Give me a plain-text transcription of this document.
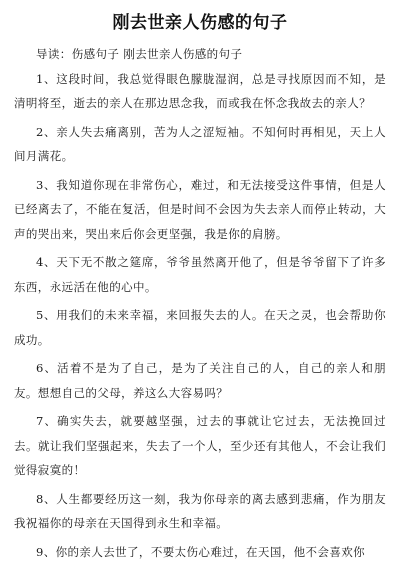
刚去世亲人伤感的句子

导读：伤感句子 刚去世亲人伤感的句子

1、这段时间，我总觉得眼色朦胧湿润，总是寻找原因而不知，是清明将至，逝去的亲人在那边思念我，而或我在怀念我故去的亲人？

2、亲人失去痛离别，苦为人之涩短袖。不知何时再相见，天上人间月满花。

3、我知道你现在非常伤心，难过，和无法接受这件事情，但是人已经离去了，不能在复活，但是时间不会因为失去亲人而停止转动，大声的哭出来，哭出来后你会更坚强，我是你的肩膀。

4、天下无不散之筵席，爷爷虽然离开他了，但是爷爷留下了许多东西，永远活在他的心中。

5、用我们的未来幸福，来回报失去的人。在天之灵，也会帮助你成功。

6、活着不是为了自己，是为了关注自己的人，自己的亲人和朋友。想想自己的父母，养这么大容易吗？

7、确实失去，就要越坚强，过去的事就让它过去，无法挽回过去。就让我们坚强起来，失去了一个人，至少还有其他人，不会让我们觉得寂寞的！

8、人生都要经历这一刻，我为你母亲的离去感到悲痛，作为朋友我祝福你的母亲在天国得到永生和幸福。

9、你的亲人去世了，不要太伤心难过，在天国，他不会喜欢你
